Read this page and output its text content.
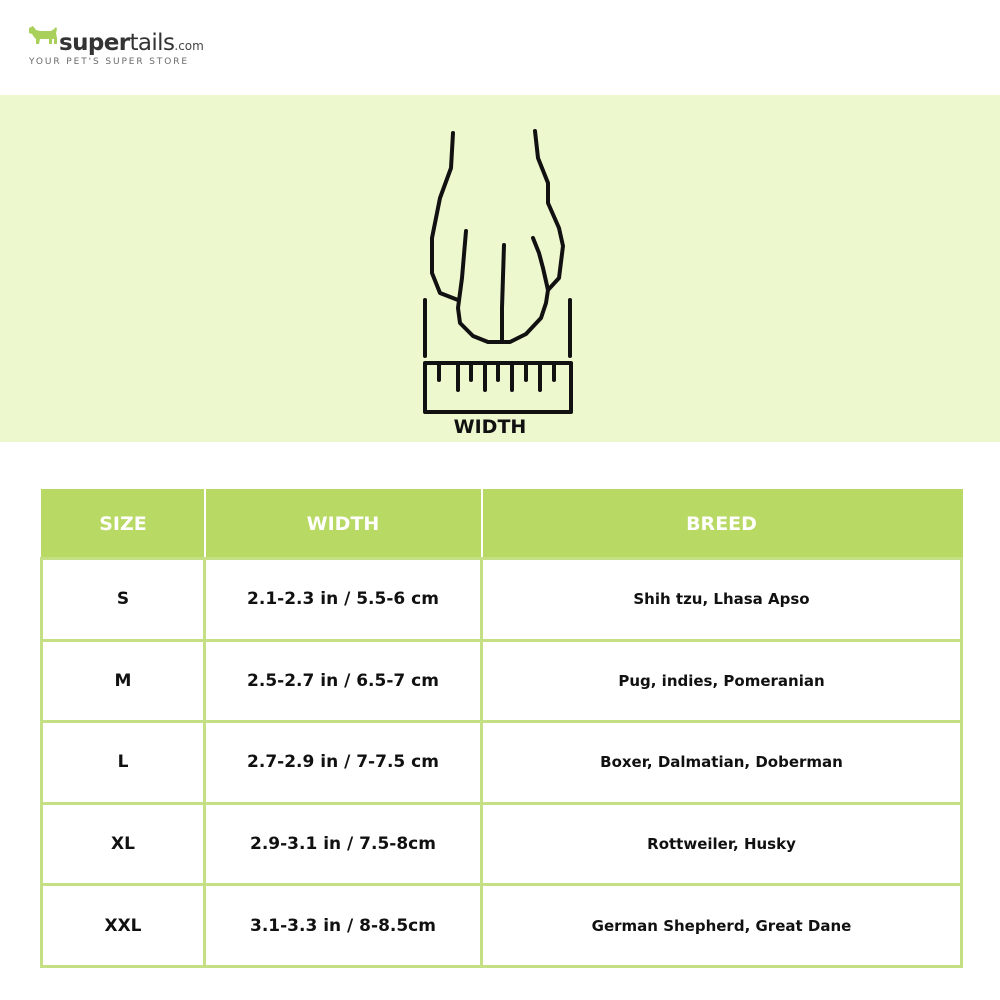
supertails.com
YOUR PET'S SUPER STORE
WIDTH
SIZE	WIDTH	BREED
S	2.1-2.3 in / 5.5-6 cm	Shih tzu, Lhasa Apso
M	2.5-2.7 in / 6.5-7 cm	Pug, indies, Pomeranian
L	2.7-2.9 in / 7-7.5 cm	Boxer, Dalmatian, Doberman
XL	2.9-3.1 in / 7.5-8cm	Rottweiler, Husky
XXL	3.1-3.3 in / 8-8.5cm	German Shepherd, Great Dane
